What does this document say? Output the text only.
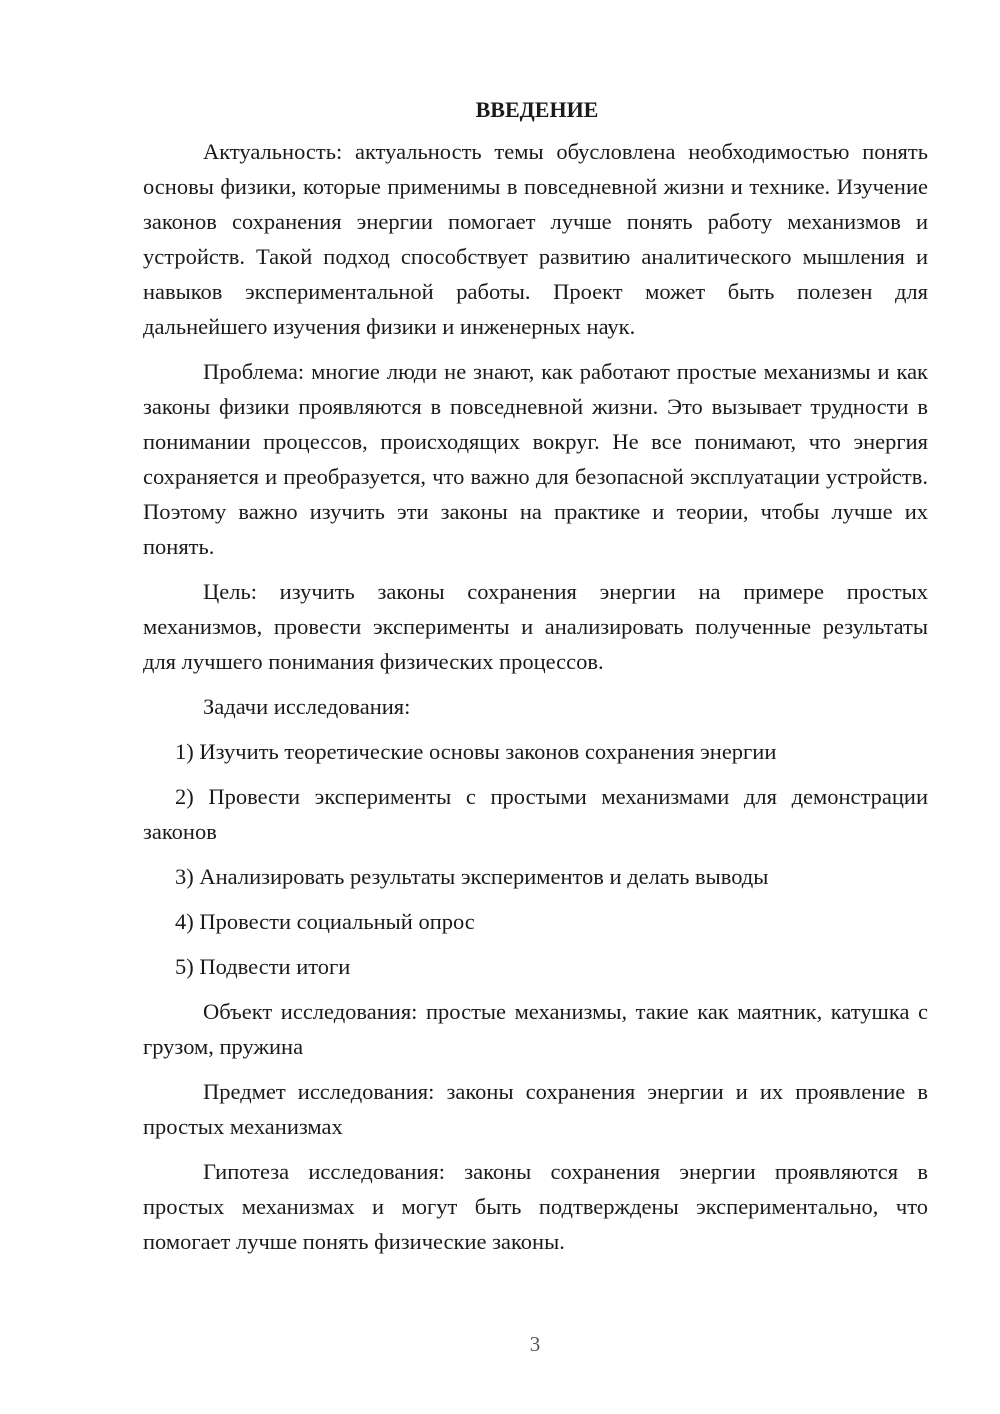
ВВЕДЕНИЕ

Актуальность: актуальность темы обусловлена необходимостью понять основы физики, которые применимы в повседневной жизни и технике. Изучение законов сохранения энергии помогает лучше понять работу механизмов и устройств. Такой подход способствует развитию аналитического мышления и навыков экспериментальной работы. Проект может быть полезен для дальнейшего изучения физики и инженерных наук.

Проблема: многие люди не знают, как работают простые механизмы и как законы физики проявляются в повседневной жизни. Это вызывает трудности в понимании процессов, происходящих вокруг. Не все понимают, что энергия сохраняется и преобразуется, что важно для безопасной эксплуатации устройств. Поэтому важно изучить эти законы на практике и теории, чтобы лучше их понять.

Цель: изучить законы сохранения энергии на примере простых механизмов, провести эксперименты и анализировать полученные результаты для лучшего понимания физических процессов.

Задачи исследования:

1) Изучить теоретические основы законов сохранения энергии

2) Провести эксперименты с простыми механизмами для демонстрации законов

3) Анализировать результаты экспериментов и делать выводы

4) Провести социальный опрос

5) Подвести итоги

Объект исследования: простые механизмы, такие как маятник, катушка с грузом, пружина

Предмет исследования: законы сохранения энергии и их проявление в простых механизмах

Гипотеза исследования: законы сохранения энергии проявляются в простых механизмах и могут быть подтверждены экспериментально, что помогает лучше понять физические законы.

3
